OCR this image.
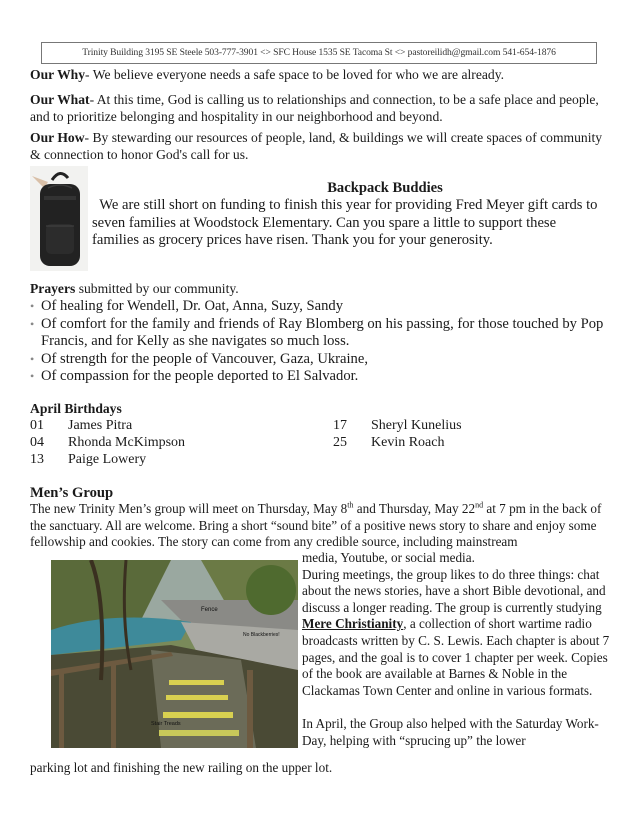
Trinity Building 3195 SE Steele 503-777-3901 <> SFC House 1535 SE Tacoma St <> pastoreilidh@gmail.com 541-654-1876
Our Why- We believe everyone needs a safe space to be loved for who we are already.
Our What- At this time, God is calling us to relationships and connection, to be a safe place and people, and to prioritize belonging and hospitality in our neighborhood and beyond.
Our How- By stewarding our resources of people, land, & buildings we will create spaces of community & connection to honor God's call for us.
Backpack Buddies
We are still short on funding to finish this year for providing Fred Meyer gift cards to seven families at Woodstock Elementary. Can you spare a little to support these families as grocery prices have risen. Thank you for your generosity.
Prayers submitted by our community.
• Of healing for Wendell, Dr. Oat, Anna, Suzy, Sandy
• Of comfort for the family and friends of Ray Blomberg on his passing, for those touched by Pop Francis, and for Kelly as she navigates so much loss.
• Of strength for the people of Vancouver, Gaza, Ukraine,
• Of compassion for the people deported to El Salvador.
April Birthdays
01 James Pitra
04 Rhonda McKimpson
13 Paige Lowery
17 Sheryl Kunelius
25 Kevin Roach
Men’s Group
The new Trinity Men’s group will meet on Thursday, May 8th and Thursday, May 22nd at 7 pm in the back of the sanctuary. All are welcome. Bring a short “sound bite” of a positive news story to share and enjoy some fellowship and cookies. The story can come from any credible source, including mainstream
Fence
No Blackberries!
Stair Treads
media, Youtube, or social media.
During meetings, the group likes to do three things: chat about the news stories, have a short Bible devotional, and discuss a longer reading. The group is currently studying Mere Christianity, a collection of short wartime radio broadcasts written by C. S. Lewis. Each chapter is about 7 pages, and the goal is to cover 1 chapter per week. Copies of the book are available at Barnes & Noble in the Clackamas Town Center and online in various formats.
In April, the Group also helped with the Saturday Work-Day, helping with “sprucing up” the lower
parking lot and finishing the new railing on the upper lot.
